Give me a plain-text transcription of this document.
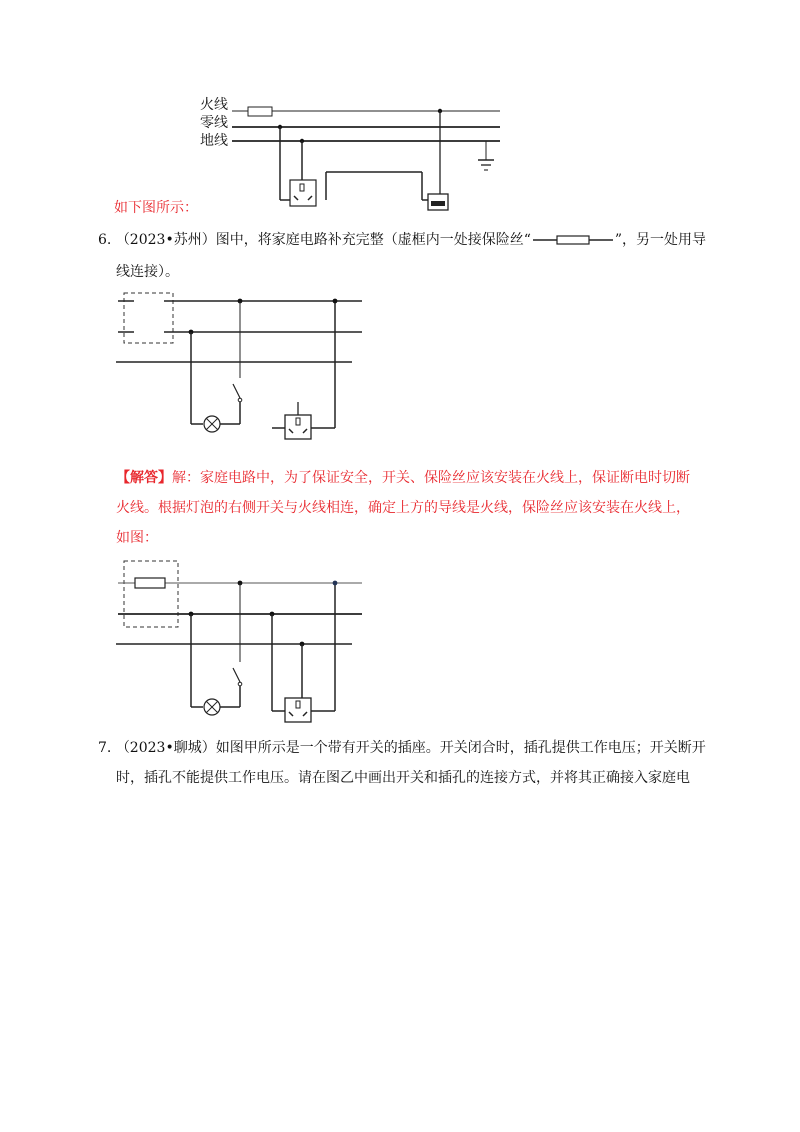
火线
零线
地线
如下图所示：
6. （2023•苏州）图中，将家庭电路补充完整（虚框内一处接保险丝“	”，另一处用导
线连接）。
【解答】解：家庭电路中，为了保证安全，开关、保险丝应该安装在火线上，保证断电时切断
火线。根据灯泡的右侧开关与火线相连，确定上方的导线是火线，保险丝应该安装在火线上，
如图：
7. （2023•聊城）如图甲所示是一个带有开关的插座。开关闭合时，插孔提供工作电压；开关断开
时，插孔不能提供工作电压。请在图乙中画出开关和插孔的连接方式，并将其正确接入家庭电
